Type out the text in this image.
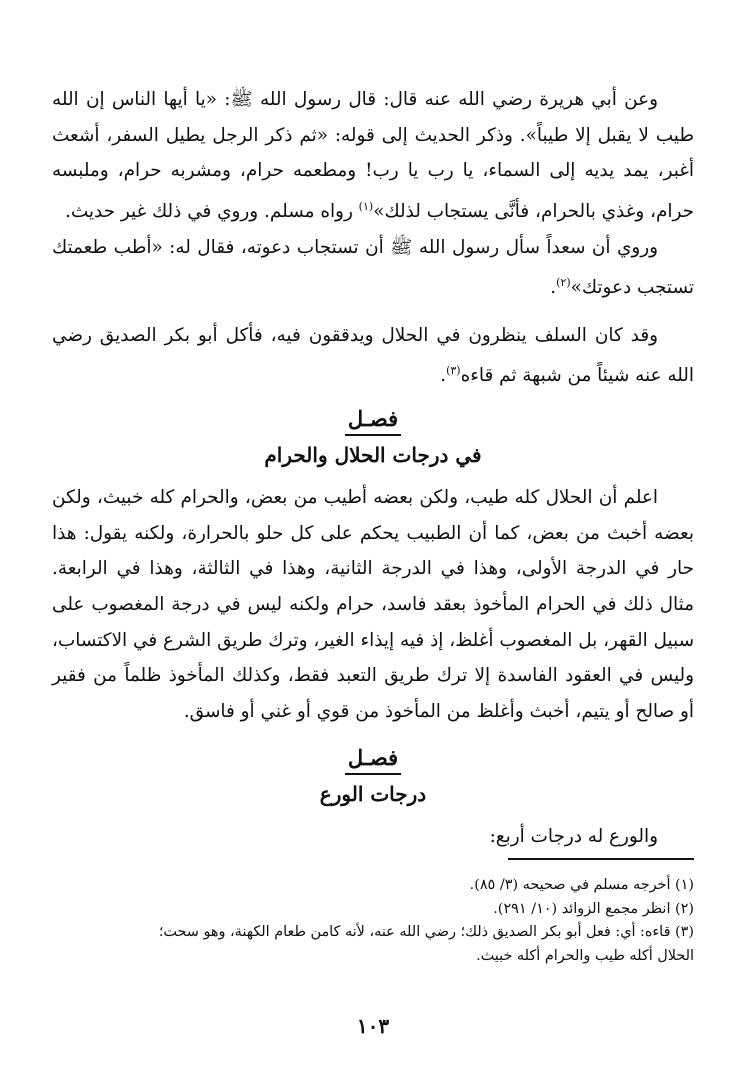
وعن أبي هريرة رضي الله عنه قال: قال رسول الله ﷺ: «يا أيها الناس إن الله طيب لا يقبل إلا طيباً». وذكر الحديث إلى قوله: «ثم ذكر الرجل يطيل السفر، أشعث أغبر، يمد يديه إلى السماء، يا رب يا رب! ومطعمه حرام، ومشربه حرام، وملبسه حرام، وغذي بالحرام، فأنَّى يستجاب لذلك»$^{(١)}$ رواه مسلم. وروي في ذلك غير حديث.

وروي أن سعداً سأل رسول الله ﷺ أن تستجاب دعوته، فقال له: «أطب طعمتك تستجب دعوتك»$^{(٢)}$.

وقد كان السلف ينظرون في الحلال ويدققون فيه، فأكل أبو بكر الصديق رضي الله عنه شيئاً من شبهة ثم قاءه$^{(٣)}$.

فصـل
في درجات الحلال والحرام

اعلم أن الحلال كله طيب، ولكن بعضه أطيب من بعض، والحرام كله خبيث، ولكن بعضه أخبث من بعض، كما أن الطبيب يحكم على كل حلو بالحرارة، ولكنه يقول: هذا حار في الدرجة الأولى، وهذا في الدرجة الثانية، وهذا في الثالثة، وهذا في الرابعة. مثال ذلك في الحرام المأخوذ بعقد فاسد، حرام ولكنه ليس في درجة المغصوب على سبيل القهر، بل المغصوب أغلظ، إذ فيه إيذاء الغير، وترك طريق الشرع في الاكتساب، وليس في العقود الفاسدة إلا ترك طريق التعبد فقط، وكذلك المأخوذ ظلماً من فقير أو صالح أو يتيم، أخبث وأغلظ من المأخوذ من قوي أو غني أو فاسق.

فصـل
درجات الورع

والورع له درجات أربع:

(١) أخرجه مسلم في صحيحه (٣/ ٨٥).

(٢) انظر مجمع الزوائد (١٠/ ٢٩١).

(٣) قاءه: أي: فعل أبو بكر الصديق ذلك؛ رضي الله عنه، لأنه كامن طعام الكهنة، وهو سحت؛

الحلال أكله طيب والحرام أكله خبيث.

١٠٣
